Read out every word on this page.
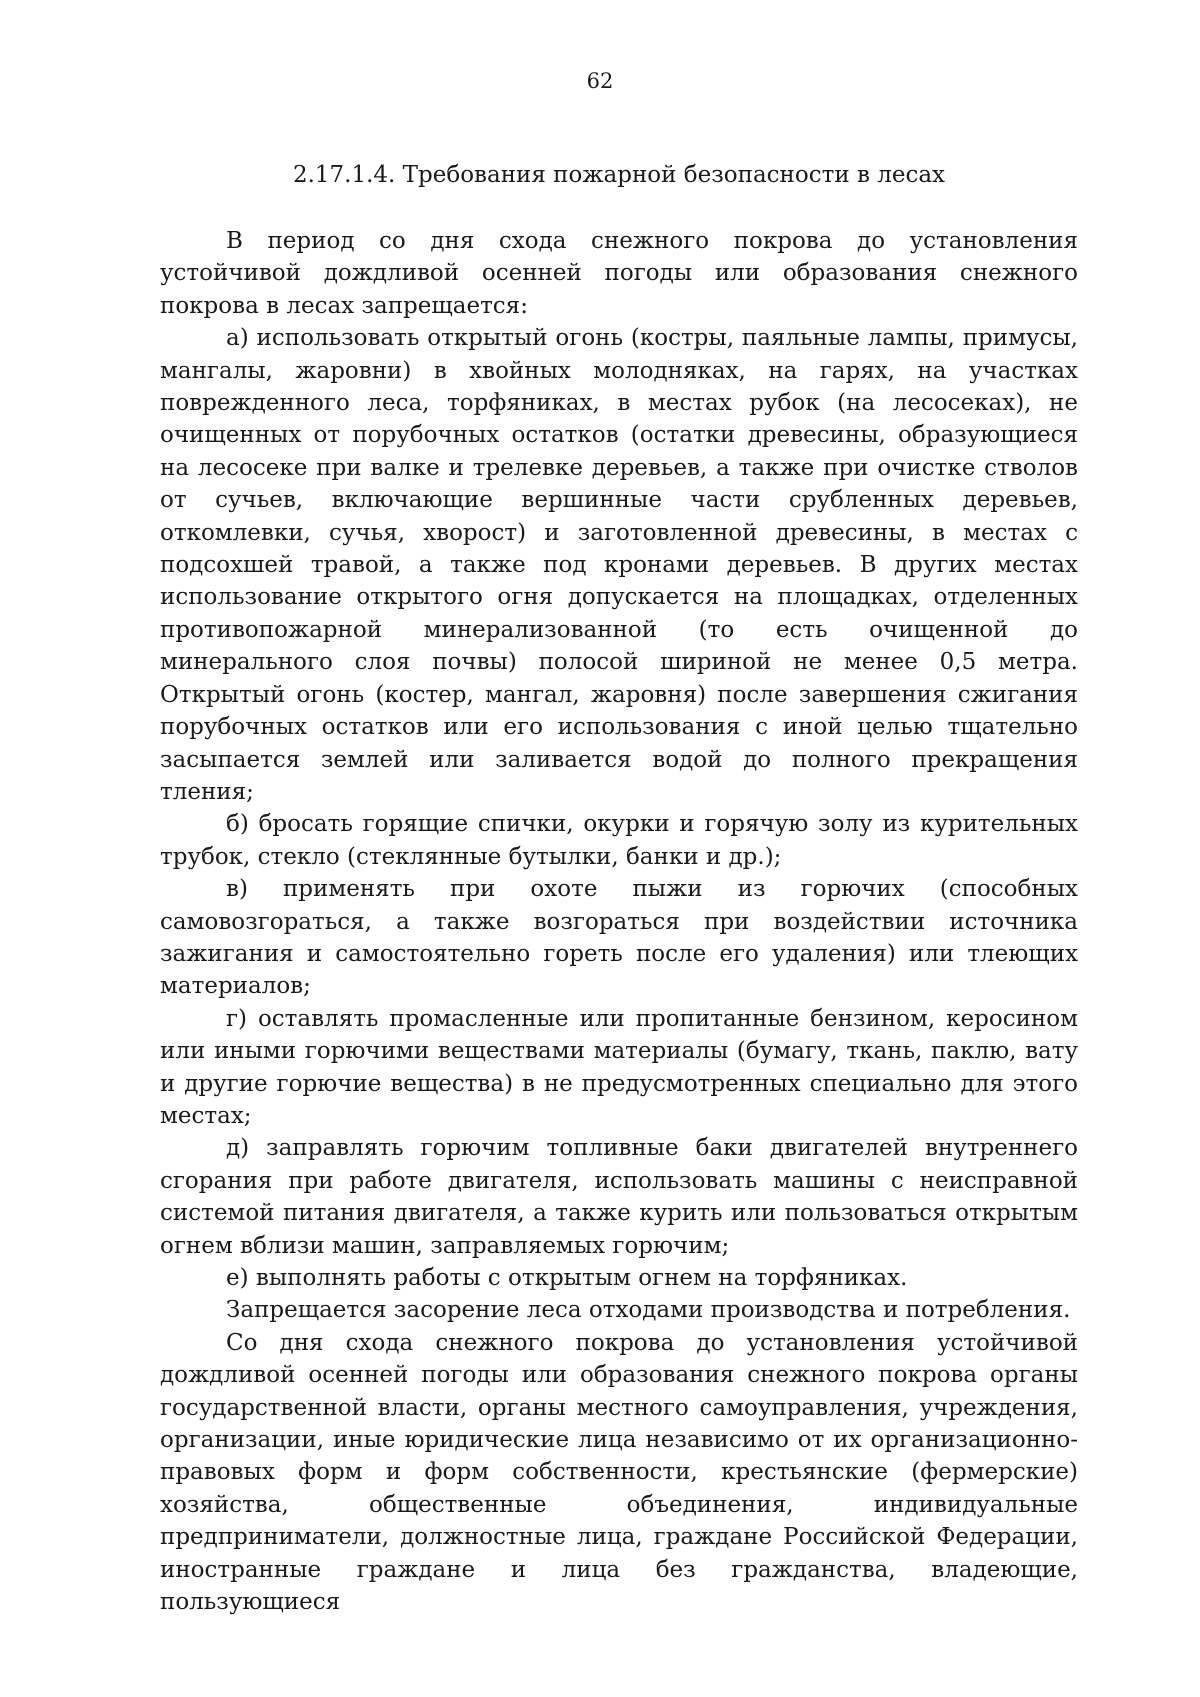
62
2.17.1.4. Требования пожарной безопасности в лесах

В период со дня схода снежного покрова до установления устойчивой дождливой осенней погоды или образования снежного покрова в лесах запрещается:

а) использовать открытый огонь (костры, паяльные лампы, примусы, мангалы, жаровни) в хвойных молодняках, на гарях, на участках поврежденного леса, торфяниках, в местах рубок (на лесосеках), не очищенных от порубочных остатков (остатки древесины, образующиеся на лесосеке при валке и трелевке деревьев, а также при очистке стволов от сучьев, включающие вершинные части срубленных деревьев, откомлевки, сучья, хворост) и заготовленной древесины, в местах с подсохшей травой, а также под кронами деревьев. В других местах использование открытого огня допускается на площадках, отделенных противопожарной минерализованной (то есть очищенной до минерального слоя почвы) полосой шириной не менее 0,5 метра. Открытый огонь (костер, мангал, жаровня) после завершения сжигания порубочных остатков или его использования с иной целью тщательно засыпается землей или заливается водой до полного прекращения тления;

б) бросать горящие спички, окурки и горячую золу из курительных трубок, стекло (стеклянные бутылки, банки и др.);

в) применять при охоте пыжи из горючих (способных самовозгораться, а также возгораться при воздействии источника зажигания и самостоятельно гореть после его удаления) или тлеющих материалов;

г) оставлять промасленные или пропитанные бензином, керосином или иными горючими веществами материалы (бумагу, ткань, паклю, вату и другие горючие вещества) в не предусмотренных специально для этого местах;

д) заправлять горючим топливные баки двигателей внутреннего сгорания при работе двигателя, использовать машины с неисправной системой питания двигателя, а также курить или пользоваться открытым огнем вблизи машин, заправляемых горючим;

е) выполнять работы с открытым огнем на торфяниках.

Запрещается засорение леса отходами производства и потребления.

Со дня схода снежного покрова до установления устойчивой дождливой осенней погоды или образования снежного покрова органы государственной власти, органы местного самоуправления, учреждения, организации, иные юридические лица независимо от их организационно-правовых форм и форм собственности, крестьянские (фермерские) хозяйства, общественные объединения, индивидуальные предприниматели, должностные лица, граждане Российской Федерации, иностранные граждане и лица без гражданства, владеющие, пользующиеся
